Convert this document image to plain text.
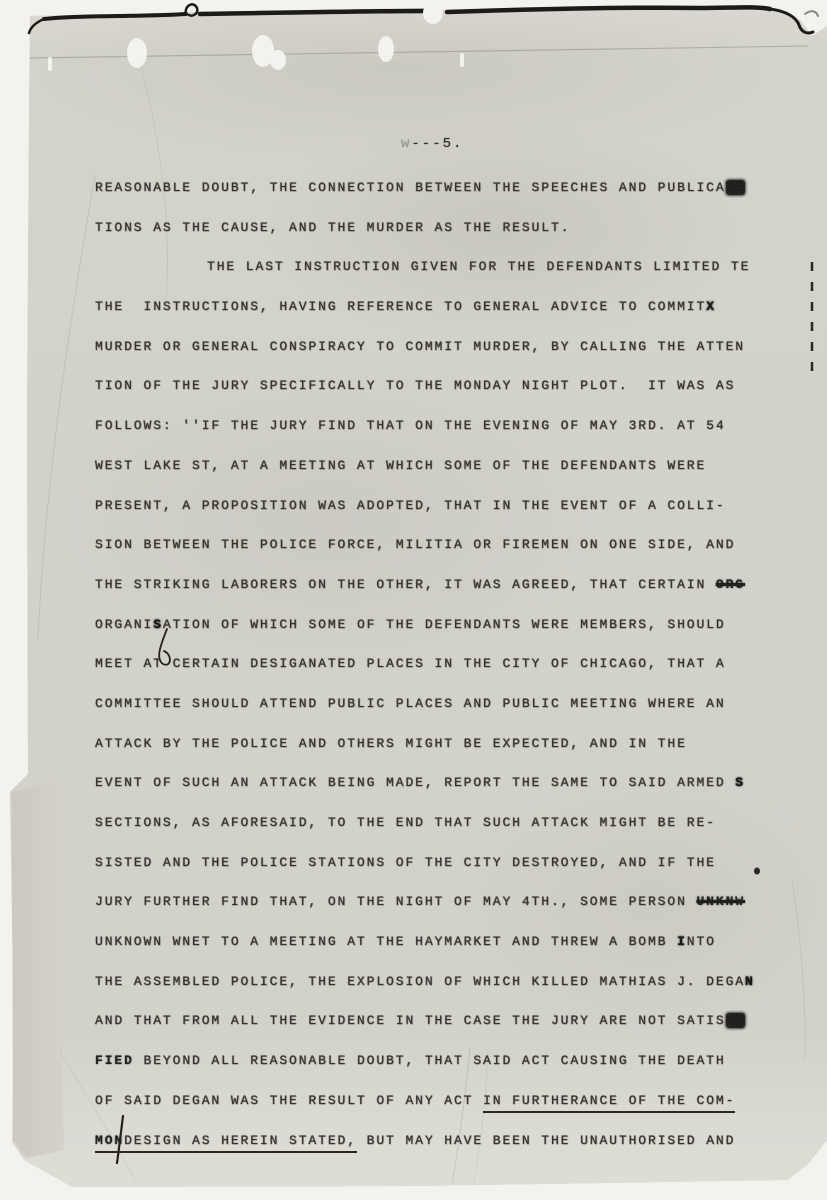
w---5.
REASONABLE DOUBT, THE CONNECTION BETWEEN THE SPEECHES AND PUBLICATE
TIONS AS THE CAUSE, AND THE MURDER AS THE RESULT.
THE LAST INSTRUCTION GIVEN FOR THE DEFENDANTS LIMITED TE
THE  INSTRUCTIONS, HAVING REFERENCE TO GENERAL ADVICE TO COMMITX
MURDER OR GENERAL CONSPIRACY TO COMMIT MURDER, BY CALLING THE ATTEN
TION OF THE JURY SPECIFICALLY TO THE MONDAY NIGHT PLOT.  IT WAS AS
FOLLOWS: ''IF THE JURY FIND THAT ON THE EVENING OF MAY 3RD. AT 54
WEST LAKE ST, AT A MEETING AT WHICH SOME OF THE DEFENDANTS WERE
PRESENT, A PROPOSITION WAS ADOPTED, THAT IN THE EVENT OF A COLLI-
SION BETWEEN THE POLICE FORCE, MILITIA OR FIREMEN ON ONE SIDE, AND
THE STRIKING LABORERS ON THE OTHER, IT WAS AGREED, THAT CERTAIN ORG
ORGANISATION OF WHICH SOME OF THE DEFENDANTS WERE MEMBERS, SHOULD
MEET AT CERTAIN DESIGANATED PLACES IN THE CITY OF CHICAGO, THAT A
COMMITTEE SHOULD ATTEND PUBLIC PLACES AND PUBLIC MEETING WHERE AN
ATTACK BY THE POLICE AND OTHERS MIGHT BE EXPECTED, AND IN THE
EVENT OF SUCH AN ATTACK BEING MADE, REPORT THE SAME TO SAID ARMED S
SECTIONS, AS AFORESAID, TO THE END THAT SUCH ATTACK MIGHT BE RE-
SISTED AND THE POLICE STATIONS OF THE CITY DESTROYED, AND IF THE
JURY FURTHER FIND THAT, ON THE NIGHT OF MAY 4TH., SOME PERSON UNKNW
UNKNOWN WNET TO A MEETING AT THE HAYMARKET AND THREW A BOMB INTO
THE ASSEMBLED POLICE, THE EXPLOSION OF WHICH KILLED MATHIAS J. DEGAN
AND THAT FROM ALL THE EVIDENCE IN THE CASE THE JURY ARE NOT SATISXX
FIED BEYOND ALL REASONABLE DOUBT, THAT SAID ACT CAUSING THE DEATH
OF SAID DEGAN WAS THE RESULT OF ANY ACT IN FURTHERANCE OF THE COM-
MONDESIGN AS HEREIN STATED, BUT MAY HAVE BEEN THE UNAUTHORISED AND
